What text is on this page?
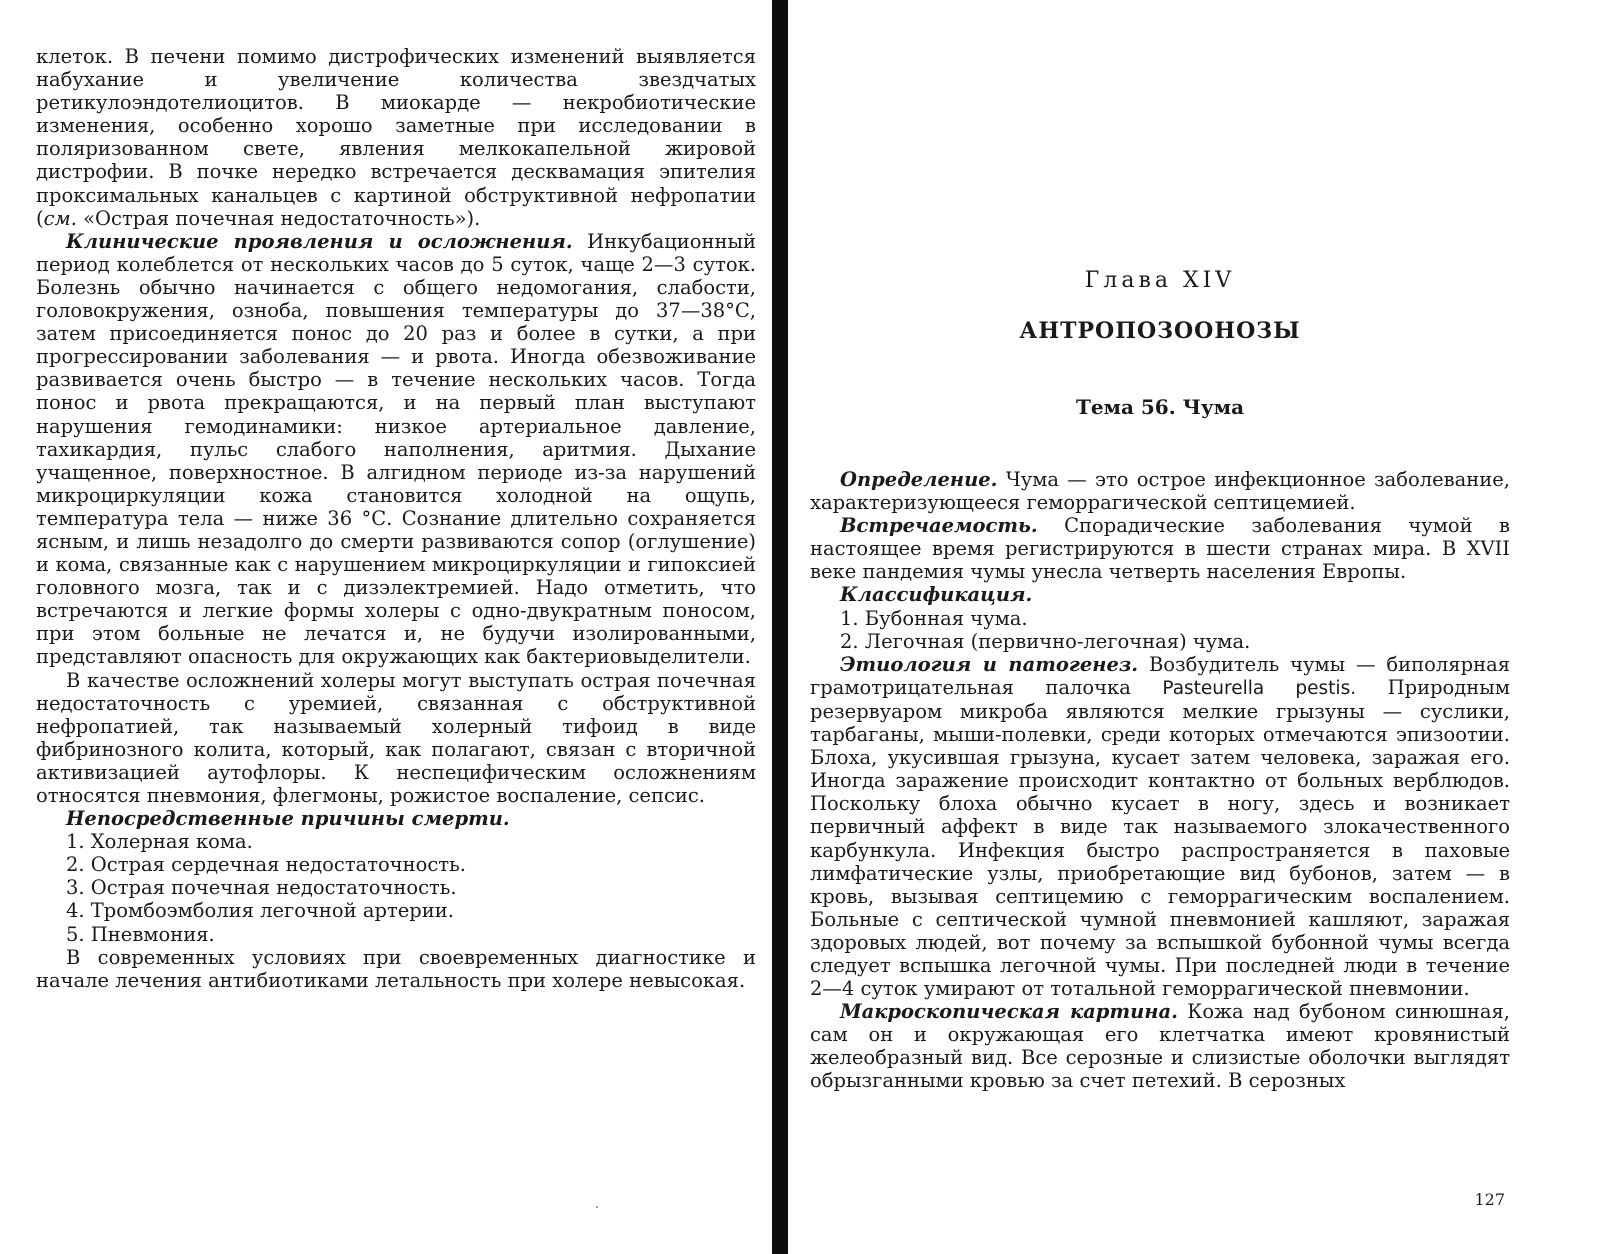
клеток. В печени помимо дистрофических изменений выявляется набухание и увеличение количества звездчатых ретикулоэндотелиоцитов. В миокарде — некробиотические изменения, особенно хорошо заметные при исследовании в поляризованном свете, явления мелкокапельной жировой дистрофии. В почке нередко встречается десквамация эпителия проксимальных канальцев с картиной обструктивной нефропатии (см. «Острая почечная недостаточность»).

Клинические проявления и осложнения. Инкубационный период колеблется от нескольких часов до 5 суток, чаще 2—3 суток. Болезнь обычно начинается с общего недомогания, слабости, головокружения, озноба, повышения температуры до 37—38°С, затем присоединяется понос до 20 раз и более в сутки, а при прогрессировании заболевания — и рвота. Иногда обезвоживание развивается очень быстро — в течение нескольких часов. Тогда понос и рвота прекращаются, и на первый план выступают нарушения гемодинамики: низкое артериальное давление, тахикардия, пульс слабого наполнения, аритмия. Дыхание учащенное, поверхностное. В алгидном периоде из-за нарушений микроциркуляции кожа становится холодной на ощупь, температура тела — ниже 36 °С. Сознание длительно сохраняется ясным, и лишь незадолго до смерти развиваются сопор (оглушение) и кома, связанные как с нарушением микроциркуляции и гипоксией головного мозга, так и с дизэлектремией. Надо отметить, что встречаются и легкие формы холеры с одно-двукратным поносом, при этом больные не лечатся и, не будучи изолированными, представляют опасность для окружающих как бактериовыделители.

В качестве осложнений холеры могут выступать острая почечная недостаточность с уремией, связанная с обструктивной нефропатией, так называемый холерный тифоид в виде фибринозного колита, который, как полагают, связан с вторичной активизацией аутофлоры. К неспецифическим осложнениям относятся пневмония, флегмоны, рожистое воспаление, сепсис.

Непосредственные причины смерти.

1. Холерная кома.

2. Острая сердечная недостаточность.

3. Острая почечная недостаточность.

4. Тромбоэмболия легочной артерии.

5. Пневмония.

В современных условиях при своевременных диагностике и начале лечения антибиотиками летальность при холере невысокая.

Глава XIV
АНТРОПОЗООНОЗЫ
Тема 56. Чума

Определение. Чума — это острое инфекционное заболевание, характеризующееся геморрагической септицемией.

Встречаемость. Спорадические заболевания чумой в настоящее время регистрируются в шести странах мира. В XVII веке пандемия чумы унесла четверть населения Европы.

Классификация.

1. Бубонная чума.

2. Легочная (первично-легочная) чума.

Этиология и патогенез. Возбудитель чумы — биполярная грамотрицательная палочка Pasteurella pestis. Природным резервуаром микроба являются мелкие грызуны — суслики, тарбаганы, мыши-полевки, среди которых отмечаются эпизоотии. Блоха, укусившая грызуна, кусает затем человека, заражая его. Иногда заражение происходит контактно от больных верблюдов. Поскольку блоха обычно кусает в ногу, здесь и возникает первичный аффект в виде так называемого злокачественного карбункула. Инфекция быстро распространяется в паховые лимфатические узлы, приобретающие вид бубонов, затем — в кровь, вызывая септицемию с геморрагическим воспалением. Больные с септической чумной пневмонией кашляют, заражая здоровых людей, вот почему за вспышкой бубонной чумы всегда следует вспышка легочной чумы. При последней люди в течение 2—4 суток умирают от тотальной геморрагической пневмонии.

Макроскопическая картина. Кожа над бубоном синюшная, сам он и окружающая его клетчатка имеют кровянистый желеобразный вид. Все серозные и слизистые оболочки выглядят обрызганными кровью за счет петехий. В серозных

127
